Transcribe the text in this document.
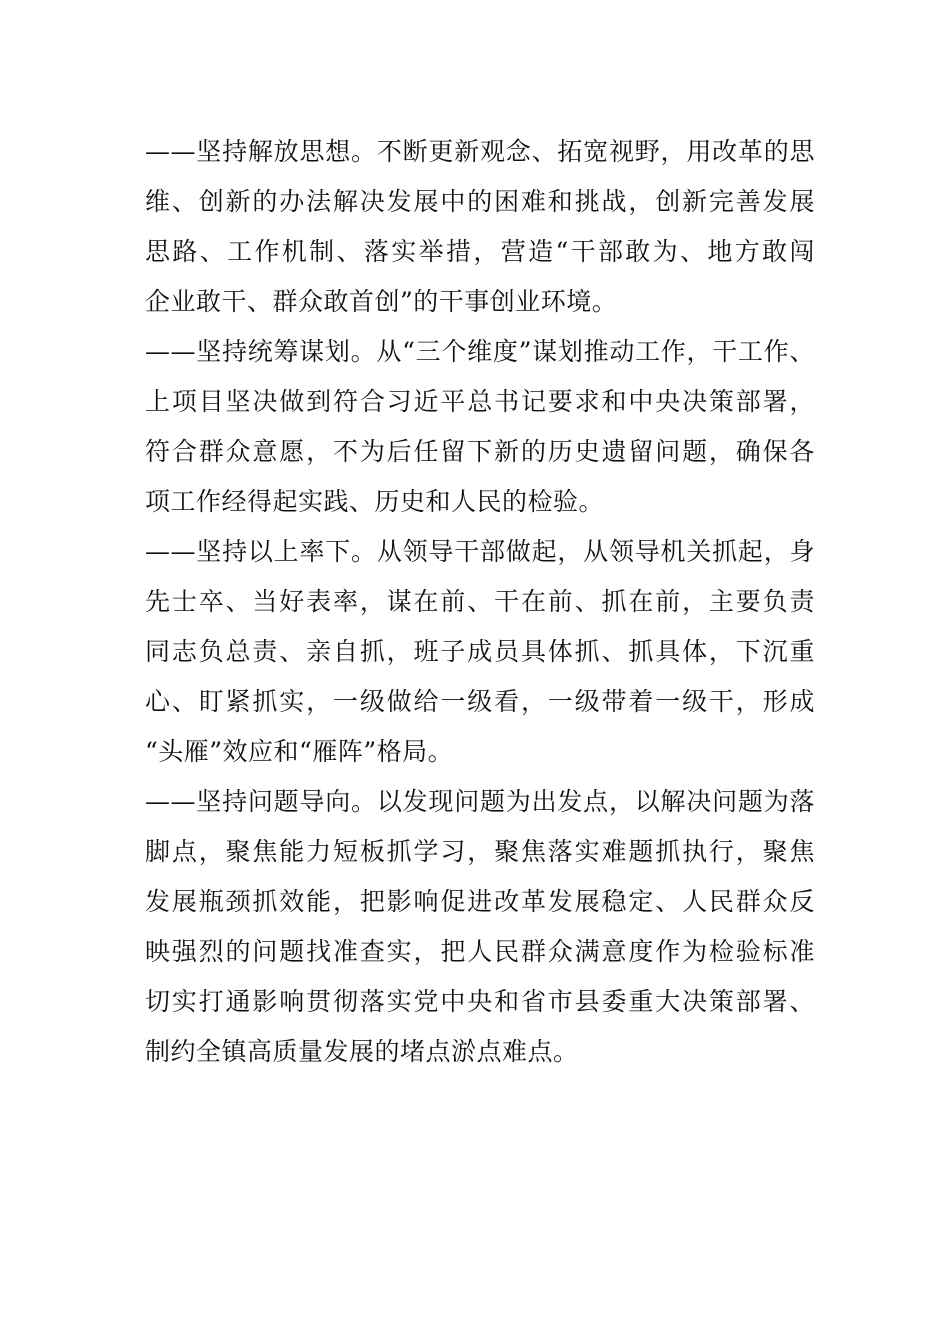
——坚持解放思想。不断更新观念、拓宽视野，用改革的思
维、创新的办法解决发展中的困难和挑战，创新完善发展
思路、工作机制、落实举措，营造“干部敢为、地方敢闯
企业敢干、群众敢首创”的干事创业环境。
——坚持统筹谋划。从“三个维度”谋划推动工作，干工作、
上项目坚决做到符合习近平总书记要求和中央决策部署，
符合群众意愿，不为后任留下新的历史遗留问题，确保各
项工作经得起实践、历史和人民的检验。
——坚持以上率下。从领导干部做起，从领导机关抓起，身
先士卒、当好表率，谋在前、干在前、抓在前，主要负责
同志负总责、亲自抓，班子成员具体抓、抓具体，下沉重
心、盯紧抓实，一级做给一级看，一级带着一级干，形成
“头雁”效应和“雁阵”格局。
——坚持问题导向。以发现问题为出发点，以解决问题为落
脚点，聚焦能力短板抓学习，聚焦落实难题抓执行，聚焦
发展瓶颈抓效能，把影响促进改革发展稳定、人民群众反
映强烈的问题找准查实，把人民群众满意度作为检验标准
切实打通影响贯彻落实党中央和省市县委重大决策部署、
制约全镇高质量发展的堵点淤点难点。
